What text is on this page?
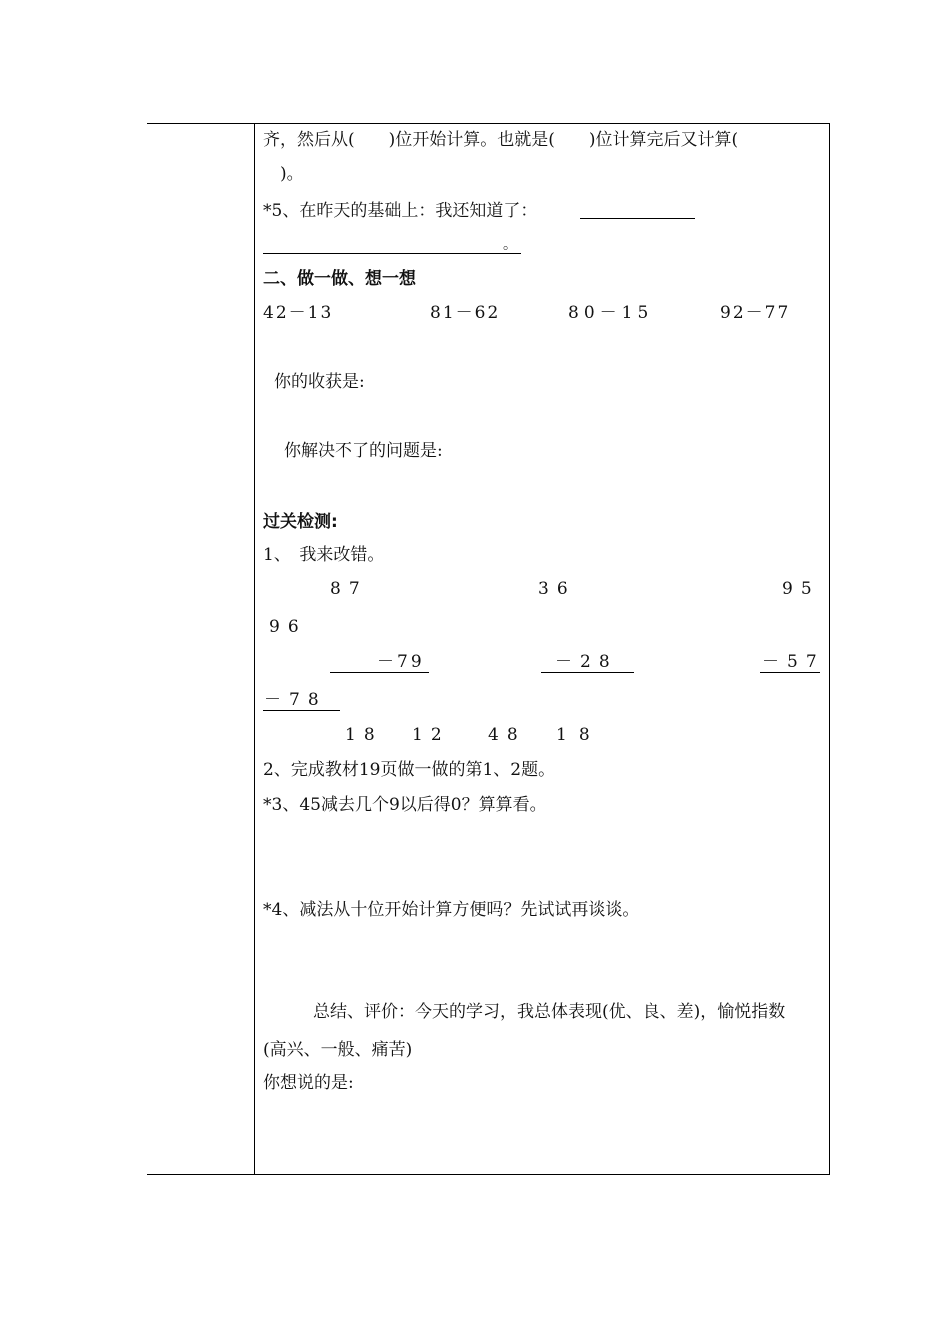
齐，然后从(　　)位开始计算。也就是(　　)位计算完后又计算(
　)。
*5、在昨天的基础上：我还知道了：
。
二、做一做、想一想
42－13	81－62	80－15	92－77
你的收获是:
你解决不了的问题是:
过关检测:
1、　我来改错。
87	36	95
96
－79	－28	－57
－78
18 12 48 18
2、完成教材19页做一做的第1、2题。
*3、45减去几个9以后得0？算算看。
*4、减法从十位开始计算方便吗？先试试再谈谈。
总结、评价：今天的学习，我总体表现(优、良、差)，愉悦指数
(高兴、一般、痛苦)
你想说的是:
